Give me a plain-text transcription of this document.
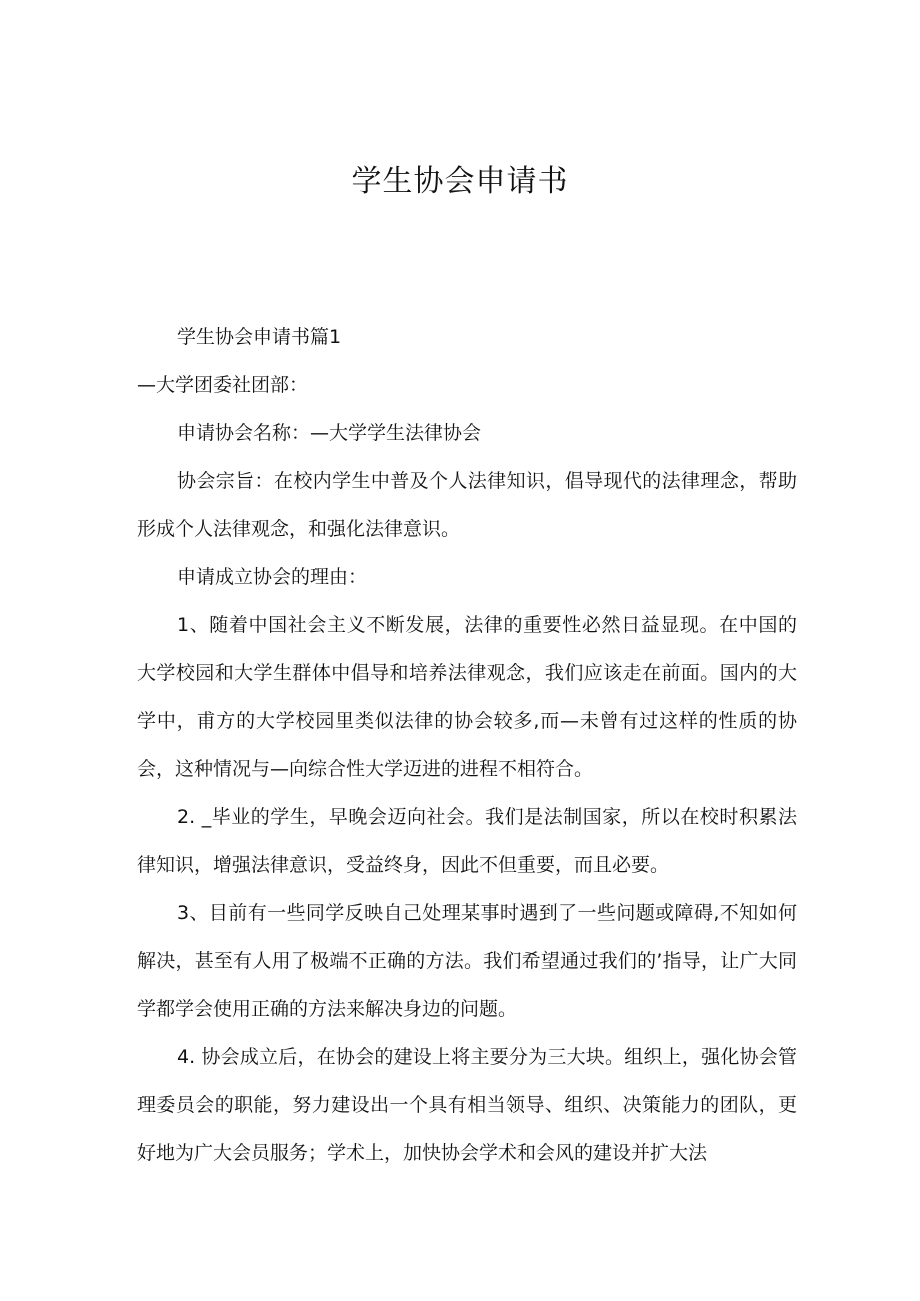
学生协会申请书

学生协会申请书篇1

—大学团委社团部：

申请协会名称：—大学学生法律协会

协会宗旨：在校内学生中普及个人法律知识，倡导现代的法律理念，帮助形成个人法律观念，和强化法律意识。

申请成立协会的理由：

1、随着中国社会主义不断发展，法律的重要性必然日益显现。在中国的大学校园和大学生群体中倡导和培养法律观念，我们应该走在前面。国内的大学中，甫方的大学校园里类似法律的协会较多,而—未曾有过这样的性质的协会，这种情况与—向综合性大学迈进的进程不相符合。

2. _毕业的学生，早晚会迈向社会。我们是法制国家，所以在校时积累法律知识，增强法律意识，受益终身，因此不但重要，而且必要。

3、目前有一些同学反映自己处理某事时遇到了一些问题或障碍,不知如何解决，甚至有人用了极端不正确的方法。我们希望通过我们的’指导，让广大同学都学会使用正确的方法来解决身边的问题。

4. 协会成立后，在协会的建设上将主要分为三大块。组织上，强化协会管理委员会的职能，努力建设出一个具有相当领导、组织、决策能力的团队，更好地为广大会员服务；学术上，加快协会学术和会风的建设并扩大法
